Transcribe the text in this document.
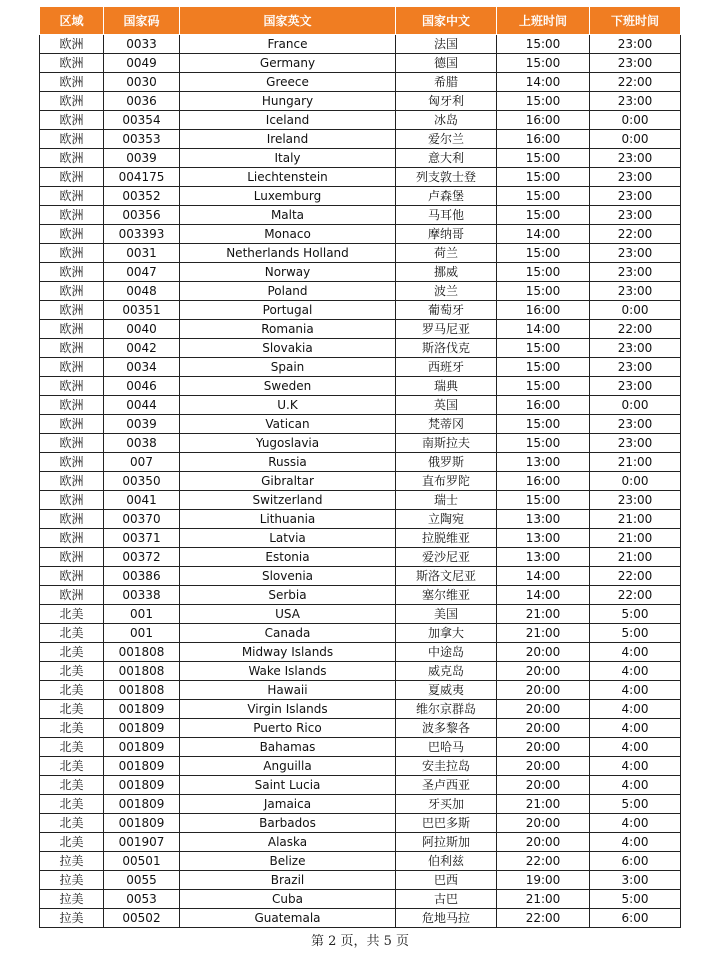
区域	国家码	国家英文	国家中文	上班时间	下班时间
欧洲	0033	France	法国	15:00	23:00
欧洲	0049	Germany	德国	15:00	23:00
欧洲	0030	Greece	希腊	14:00	22:00
欧洲	0036	Hungary	匈牙利	15:00	23:00
欧洲	00354	Iceland	冰岛	16:00	0:00
欧洲	00353	Ireland	爱尔兰	16:00	0:00
欧洲	0039	Italy	意大利	15:00	23:00
欧洲	004175	Liechtenstein	列支敦士登	15:00	23:00
欧洲	00352	Luxemburg	卢森堡	15:00	23:00
欧洲	00356	Malta	马耳他	15:00	23:00
欧洲	003393	Monaco	摩纳哥	14:00	22:00
欧洲	0031	Netherlands Holland	荷兰	15:00	23:00
欧洲	0047	Norway	挪威	15:00	23:00
欧洲	0048	Poland	波兰	15:00	23:00
欧洲	00351	Portugal	葡萄牙	16:00	0:00
欧洲	0040	Romania	罗马尼亚	14:00	22:00
欧洲	0042	Slovakia	斯洛伐克	15:00	23:00
欧洲	0034	Spain	西班牙	15:00	23:00
欧洲	0046	Sweden	瑞典	15:00	23:00
欧洲	0044	U.K	英国	16:00	0:00
欧洲	0039	Vatican	梵蒂冈	15:00	23:00
欧洲	0038	Yugoslavia	南斯拉夫	15:00	23:00
欧洲	007	Russia	俄罗斯	13:00	21:00
欧洲	00350	Gibraltar	直布罗陀	16:00	0:00
欧洲	0041	Switzerland	瑞士	15:00	23:00
欧洲	00370	Lithuania	立陶宛	13:00	21:00
欧洲	00371	Latvia	拉脱维亚	13:00	21:00
欧洲	00372	Estonia	爱沙尼亚	13:00	21:00
欧洲	00386	Slovenia	斯洛文尼亚	14:00	22:00
欧洲	00338	Serbia	塞尔维亚	14:00	22:00
北美	001	USA	美国	21:00	5:00
北美	001	Canada	加拿大	21:00	5:00
北美	001808	Midway Islands	中途岛	20:00	4:00
北美	001808	Wake Islands	威克岛	20:00	4:00
北美	001808	Hawaii	夏威夷	20:00	4:00
北美	001809	Virgin Islands	维尔京群岛	20:00	4:00
北美	001809	Puerto Rico	波多黎各	20:00	4:00
北美	001809	Bahamas	巴哈马	20:00	4:00
北美	001809	Anguilla	安圭拉岛	20:00	4:00
北美	001809	Saint Lucia	圣卢西亚	20:00	4:00
北美	001809	Jamaica	牙买加	21:00	5:00
北美	001809	Barbados	巴巴多斯	20:00	4:00
北美	001907	Alaska	阿拉斯加	20:00	4:00
拉美	00501	Belize	伯利兹	22:00	6:00
拉美	0055	Brazil	巴西	19:00	3:00
拉美	0053	Cuba	古巴	21:00	5:00
拉美	00502	Guatemala	危地马拉	22:00	6:00
第 2 页，共 5 页
